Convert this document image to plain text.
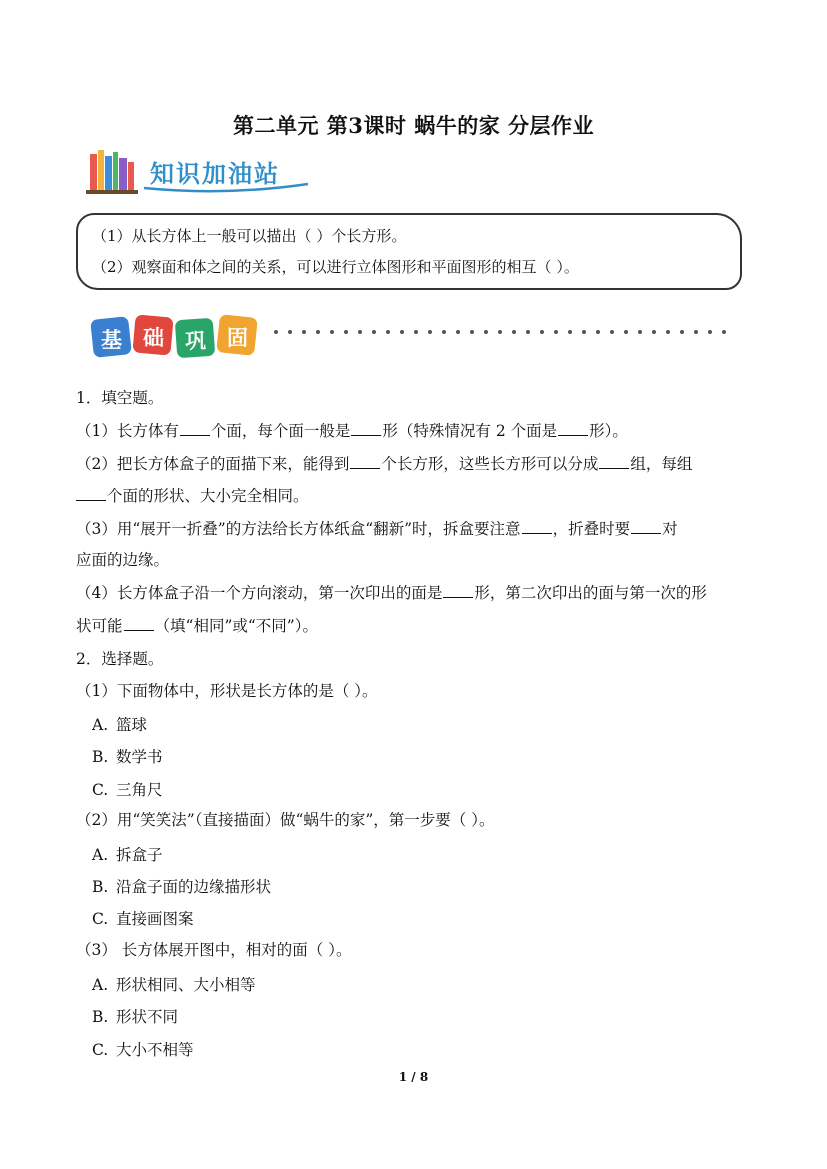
第二单元 第3课时 蜗牛的家 分层作业
知识加油站
（1）从长方体上一般可以描出（ ）个长方形。
（2）观察面和体之间的关系，可以进行立体图形和平面图形的相互（ ）。
基 础 巩 固
1．填空题。
（1）长方体有 个面，每个面一般是 形（特殊情况有 2 个面是 形）。
（2）把长方体盒子的面描下来，能得到 个长方形，这些长方形可以分成 组，每组
个面的形状、大小完全相同。
（3）用“展开一折叠”的方法给长方体纸盒“翻新”时，拆盒要注意 ，折叠时要 对
应面的边缘。
（4）长方体盒子沿一个方向滚动，第一次印出的面是 形，第二次印出的面与第一次的形
状可能 （填“相同”或“不同”）。
2．选择题。
（1）下面物体中，形状是长方体的是（ ）。
A. 篮球
B. 数学书
C. 三角尺
（2）用“笑笑法”（直接描面）做“蜗牛的家”，第一步要（ ）。
A. 拆盒子
B. 沿盒子面的边缘描形状
C. 直接画图案
（3） 长方体展开图中，相对的面（ ）。
A. 形状相同、大小相等
B. 形状不同
C. 大小不相等
1 / 8
